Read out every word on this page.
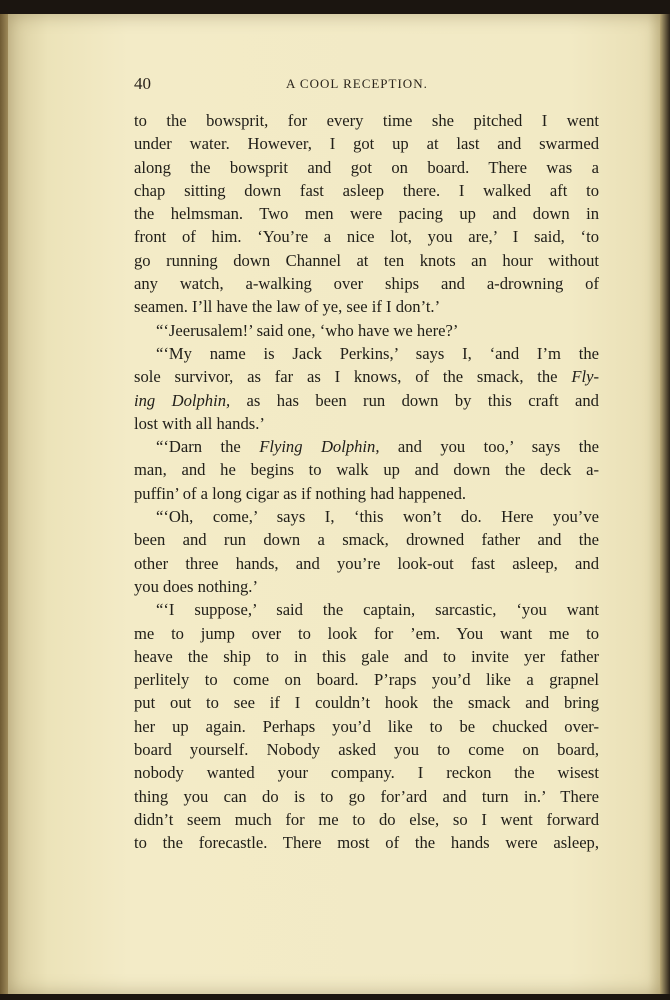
40	A COOL RECEPTION.
to the bowsprit, for every time she pitched I went
under water. However, I got up at last and swarmed
along the bowsprit and got on board. There was a
chap sitting down fast asleep there. I walked aft to
the helmsman. Two men were pacing up and down in
front of him. ‘You’re a nice lot, you are,’ I said, ‘to
go running down Channel at ten knots an hour without
any watch, a-walking over ships and a-drowning of
seamen. I’ll have the law of ye, see if I don’t.’
“‘Jeerusalem!’ said one, ‘who have we here?’
“‘My name is Jack Perkins,’ says I, ‘and I’m the
sole survivor, as far as I knows, of the smack, the Fly-
ing Dolphin, as has been run down by this craft and
lost with all hands.’
“‘Darn the Flying Dolphin, and you too,’ says the
man, and he begins to walk up and down the deck a-
puffin’ of a long cigar as if nothing had happened.
“‘Oh, come,’ says I, ‘this won’t do. Here you’ve
been and run down a smack, drowned father and the
other three hands, and you’re look-out fast asleep, and
you does nothing.’
“‘I suppose,’ said the captain, sarcastic, ‘you want
me to jump over to look for ’em. You want me to
heave the ship to in this gale and to invite yer father
perlitely to come on board. P’raps you’d like a grapnel
put out to see if I couldn’t hook the smack and bring
her up again. Perhaps you’d like to be chucked over-
board yourself. Nobody asked you to come on board,
nobody wanted your company. I reckon the wisest
thing you can do is to go for’ard and turn in.’ There
didn’t seem much for me to do else, so I went forward
to the forecastle. There most of the hands were asleep,
